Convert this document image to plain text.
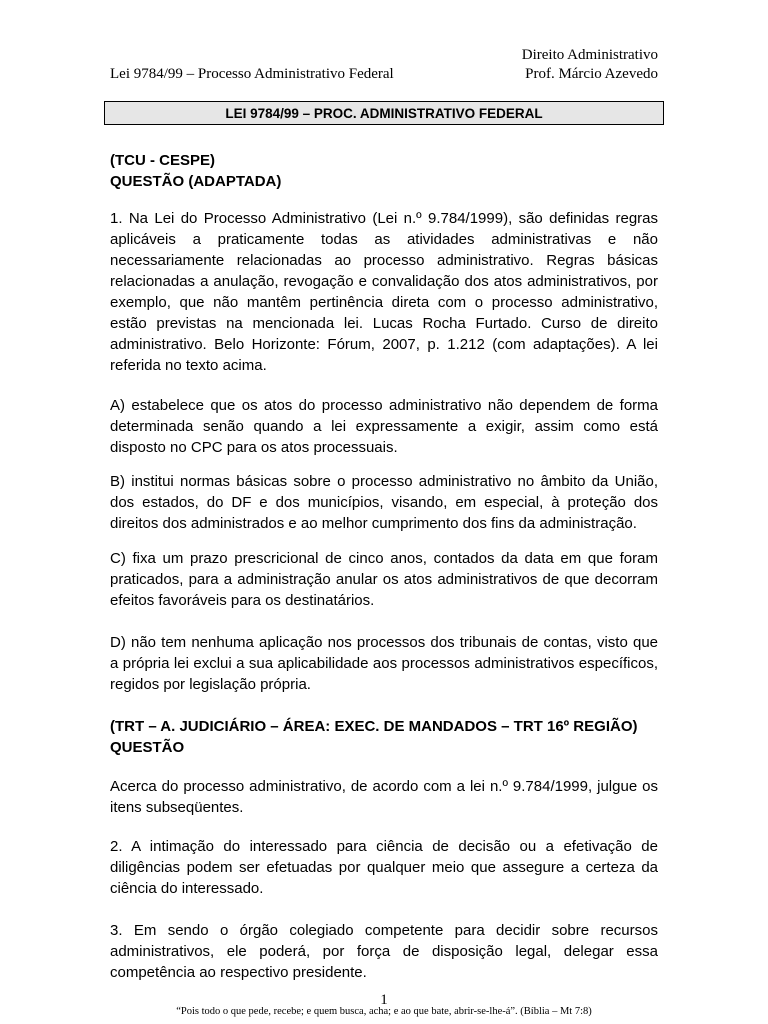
Direito Administrativo
Prof. Márcio Azevedo
Lei 9784/99 – Processo Administrativo Federal
LEI 9784/99 – PROC. ADMINISTRATIVO FEDERAL

(TCU - CESPE)

QUESTÃO (ADAPTADA)

1. Na Lei do Processo Administrativo (Lei n.º 9.784/1999), são definidas regras aplicáveis a praticamente todas as atividades administrativas e não necessariamente relacionadas ao processo administrativo. Regras básicas relacionadas a anulação, revogação e convalidação dos atos administrativos, por exemplo, que não mantêm pertinência direta com o processo administrativo, estão previstas na mencionada lei. Lucas Rocha Furtado. Curso de direito administrativo. Belo Horizonte: Fórum, 2007, p. 1.212 (com adaptações). A lei referida no texto acima.

A) estabelece que os atos do processo administrativo não dependem de forma determinada senão quando a lei expressamente a exigir, assim como está disposto no CPC para os atos processuais.

B) institui normas básicas sobre o processo administrativo no âmbito da União, dos estados, do DF e dos municípios, visando, em especial, à proteção dos direitos dos administrados e ao melhor cumprimento dos fins da administração.

C) fixa um prazo prescricional de cinco anos, contados da data em que foram praticados, para a administração anular os atos administrativos de que decorram efeitos favoráveis para os destinatários.

D) não tem nenhuma aplicação nos processos dos tribunais de contas, visto que a própria lei exclui a sua aplicabilidade aos processos administrativos específicos, regidos por legislação própria.

(TRT – A. JUDICIÁRIO – ÁREA: EXEC. DE MANDADOS – TRT 16º REGIÃO)

QUESTÃO

Acerca do processo administrativo, de acordo com a lei n.º 9.784/1999, julgue os itens subseqüentes.

2. A intimação do interessado para ciência de decisão ou a efetivação de diligências podem ser efetuadas por qualquer meio que assegure a certeza da ciência do interessado.

3. Em sendo o órgão colegiado competente para decidir sobre recursos administrativos, ele poderá, por força de disposição legal, delegar essa competência ao respectivo presidente.

1
“Pois todo o que pede, recebe; e quem busca, acha; e ao que bate, abrir-se-lhe-á”. (Bíblia – Mt 7:8)
